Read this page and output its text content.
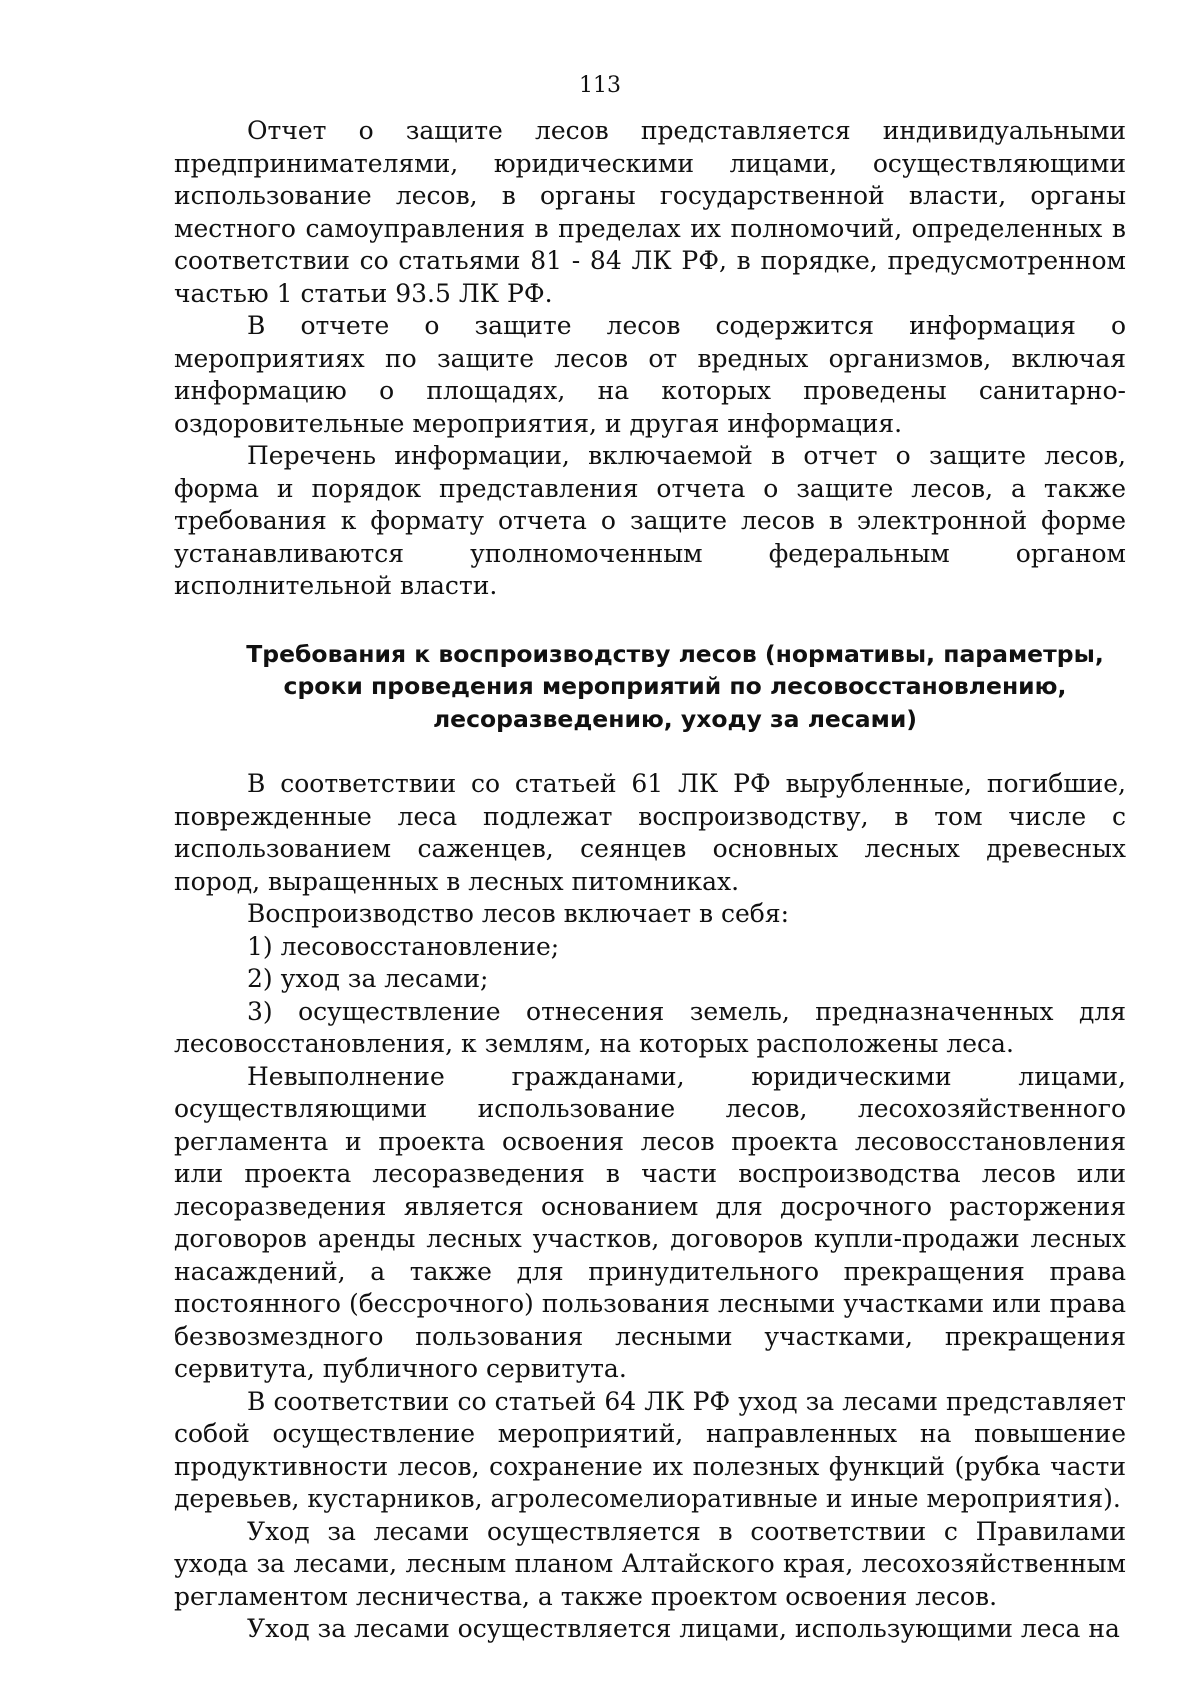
113

Отчет о защите лесов представляется индивидуальными предпринимателями, юридическими лицами, осуществляющими использование лесов, в органы государственной власти, органы местного самоуправления в пределах их полномочий, определенных в соответствии со статьями 81 - 84 ЛК РФ, в порядке, предусмотренном частью 1 статьи 93.5 ЛК РФ.

В отчете о защите лесов содержится информация о мероприятиях по защите лесов от вредных организмов, включая информацию о площадях, на которых проведены санитарно-оздоровительные мероприятия, и другая информация.

Перечень информации, включаемой в отчет о защите лесов, форма и порядок представления отчета о защите лесов, а также требования к формату отчета о защите лесов в электронной форме устанавливаются уполномоченным федеральным органом исполнительной власти.

Требования к воспроизводству лесов (нормативы, параметры,
сроки проведения мероприятий по лесовосстановлению,
лесоразведению, уходу за лесами)

В соответствии со статьей 61 ЛК РФ вырубленные, погибшие, поврежденные леса подлежат воспроизводству, в том числе с использованием саженцев, сеянцев основных лесных древесных пород, выращенных в лесных питомниках.

Воспроизводство лесов включает в себя:

1) лесовосстановление;

2) уход за лесами;

3) осуществление отнесения земель, предназначенных для лесовосстановления, к землям, на которых расположены леса.

Невыполнение гражданами, юридическими лицами, осуществляющими использование лесов, лесохозяйственного регламента и проекта освоения лесов проекта лесовосстановления или проекта лесоразведения в части воспроизводства лесов или лесоразведения является основанием для досрочного расторжения договоров аренды лесных участков, договоров купли-продажи лесных насаждений, а также для принудительного прекращения права постоянного (бессрочного) пользования лесными участками или права безвозмездного пользования лесными участками, прекращения сервитута, публичного сервитута.

В соответствии со статьей 64 ЛК РФ уход за лесами представляет собой осуществление мероприятий, направленных на повышение продуктивности лесов, сохранение их полезных функций (рубка части деревьев, кустарников, агролесомелиоративные и иные мероприятия).

Уход за лесами осуществляется в соответствии с Правилами ухода за лесами, лесным планом Алтайского края, лесохозяйственным регламентом лесничества, а также проектом освоения лесов.

Уход за лесами осуществляется лицами, использующими леса на
